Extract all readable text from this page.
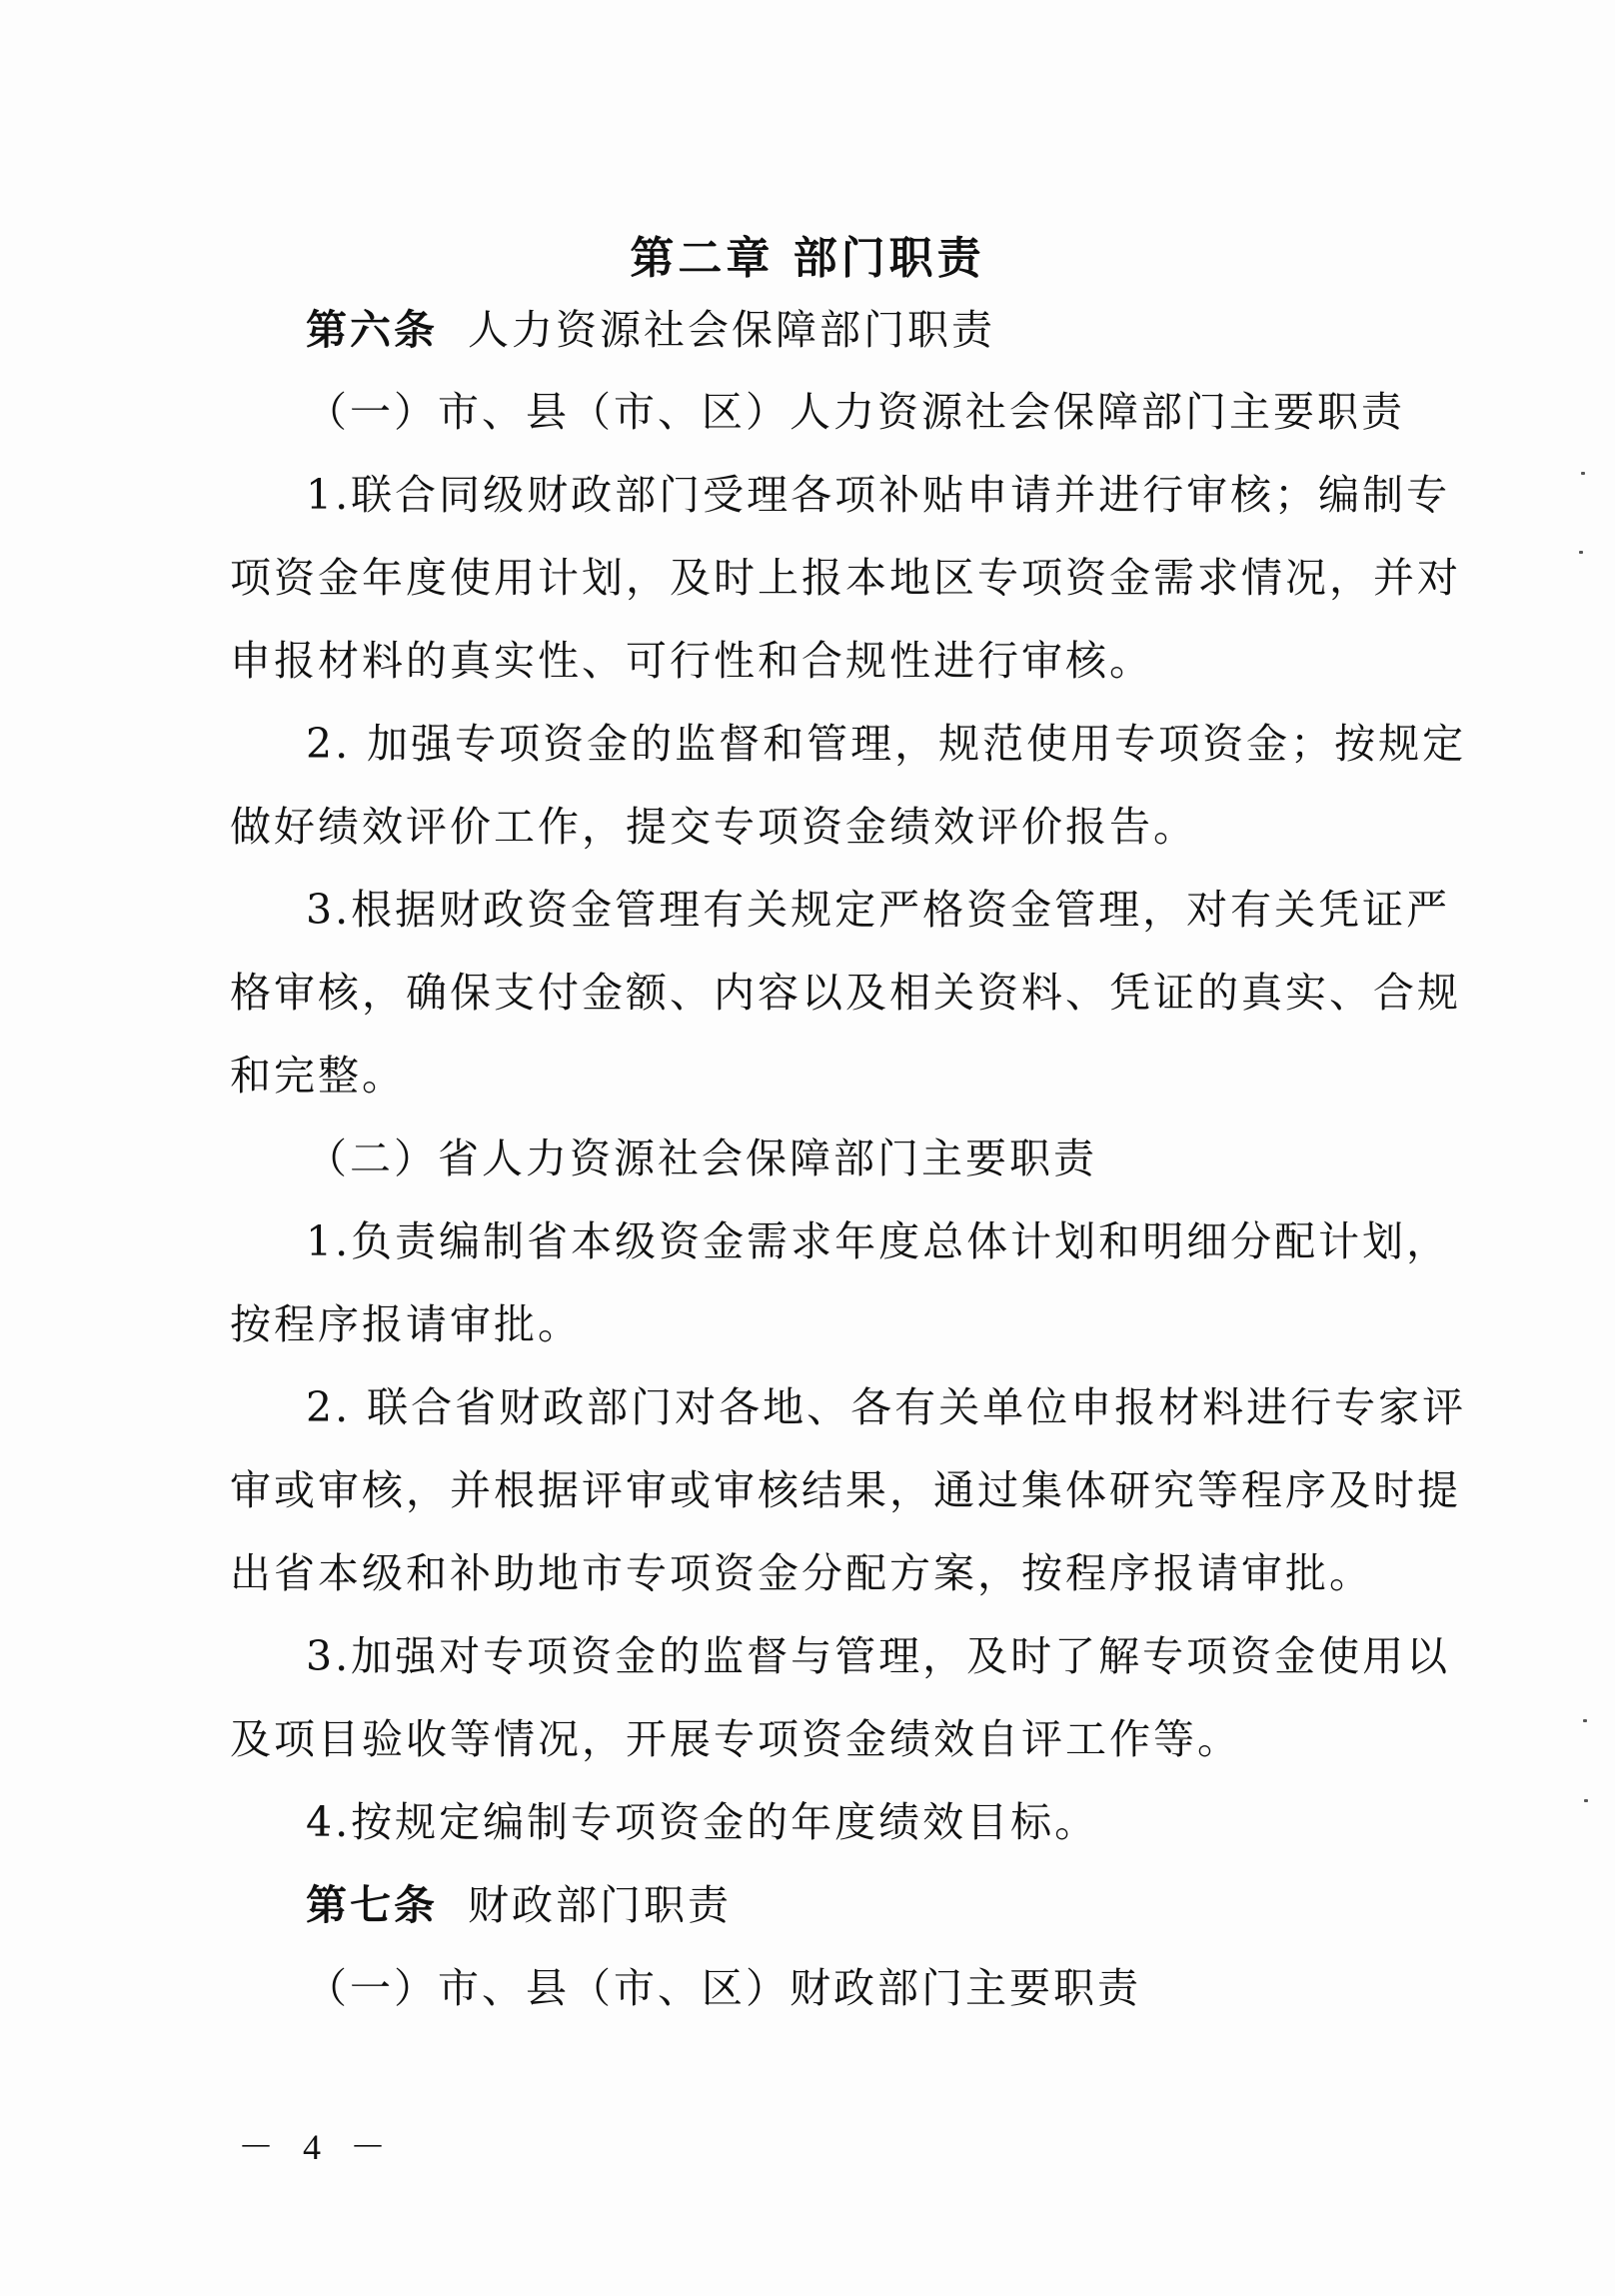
第二章 部门职责
第六条 人力资源社会保障部门职责
（一）市、县（市、区）人力资源社会保障部门主要职责
1.联合同级财政部门受理各项补贴申请并进行审核；编制专
项资金年度使用计划，及时上报本地区专项资金需求情况，并对
申报材料的真实性、可行性和合规性进行审核。
2. 加强专项资金的监督和管理，规范使用专项资金；按规定
做好绩效评价工作，提交专项资金绩效评价报告。
3.根据财政资金管理有关规定严格资金管理，对有关凭证严
格审核，确保支付金额、内容以及相关资料、凭证的真实、合规
和完整。
（二）省人力资源社会保障部门主要职责
1.负责编制省本级资金需求年度总体计划和明细分配计划，
按程序报请审批。
2. 联合省财政部门对各地、各有关单位申报材料进行专家评
审或审核，并根据评审或审核结果，通过集体研究等程序及时提
出省本级和补助地市专项资金分配方案，按程序报请审批。
3.加强对专项资金的监督与管理，及时了解专项资金使用以
及项目验收等情况，开展专项资金绩效自评工作等。
4.按规定编制专项资金的年度绩效目标。
第七条 财政部门职责
（一）市、县（市、区）财政部门主要职责
－ 4 －
